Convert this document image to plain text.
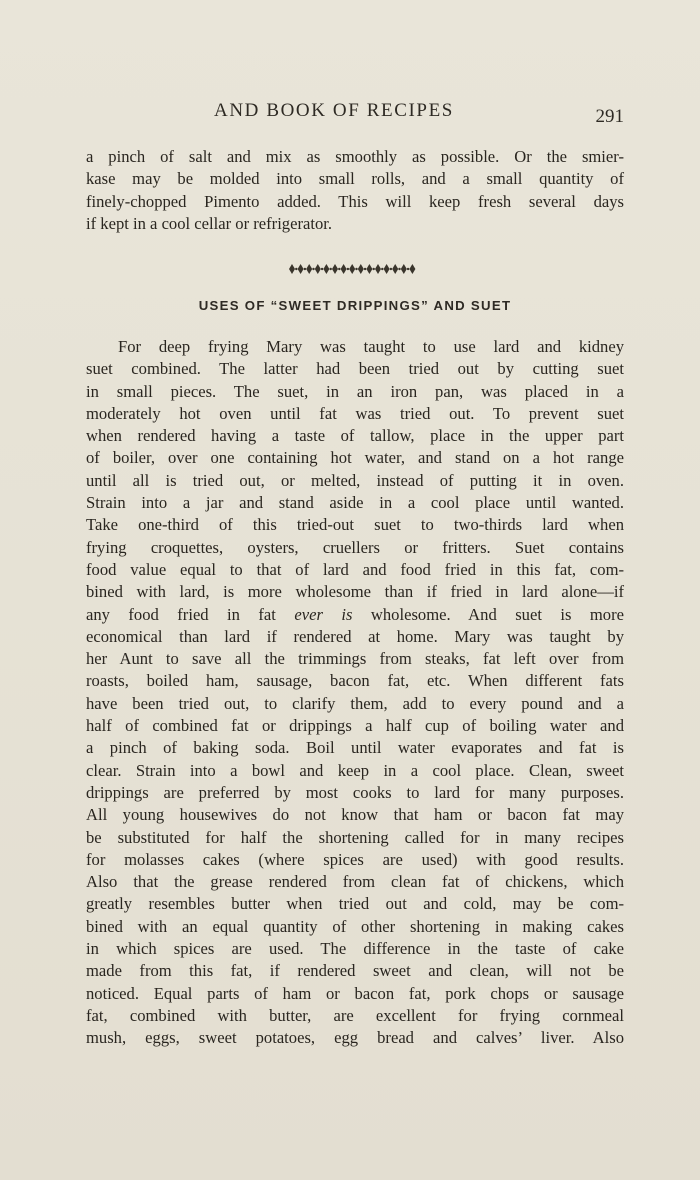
AND BOOK OF RECIPES	291
a pinch of salt and mix as smoothly as possible. Or the smier-
kase may be molded into small rolls, and a small quantity of
finely-chopped Pimento added. This will keep fresh several days
if kept in a cool cellar or refrigerator.
USES OF “SWEET DRIPPINGS” AND SUET
For deep frying Mary was taught to use lard and kidney
suet combined. The latter had been tried out by cutting suet
in small pieces. The suet, in an iron pan, was placed in a
moderately hot oven until fat was tried out. To prevent suet
when rendered having a taste of tallow, place in the upper part
of boiler, over one containing hot water, and stand on a hot range
until all is tried out, or melted, instead of putting it in oven.
Strain into a jar and stand aside in a cool place until wanted.
Take one-third of this tried-out suet to two-thirds lard when
frying croquettes, oysters, cruellers or fritters. Suet contains
food value equal to that of lard and food fried in this fat, com-
bined with lard, is more wholesome than if fried in lard alone—if
any food fried in fat ever is wholesome. And suet is more
economical than lard if rendered at home. Mary was taught by
her Aunt to save all the trimmings from steaks, fat left over from
roasts, boiled ham, sausage, bacon fat, etc. When different fats
have been tried out, to clarify them, add to every pound and a
half of combined fat or drippings a half cup of boiling water and
a pinch of baking soda. Boil until water evaporates and fat is
clear. Strain into a bowl and keep in a cool place. Clean, sweet
drippings are preferred by most cooks to lard for many purposes.
All young housewives do not know that ham or bacon fat may
be substituted for half the shortening called for in many recipes
for molasses cakes (where spices are used) with good results.
Also that the grease rendered from clean fat of chickens, which
greatly resembles butter when tried out and cold, may be com-
bined with an equal quantity of other shortening in making cakes
in which spices are used. The difference in the taste of cake
made from this fat, if rendered sweet and clean, will not be
noticed. Equal parts of ham or bacon fat, pork chops or sausage
fat, combined with butter, are excellent for frying cornmeal
mush, eggs, sweet potatoes, egg bread and calves’ liver. Also
